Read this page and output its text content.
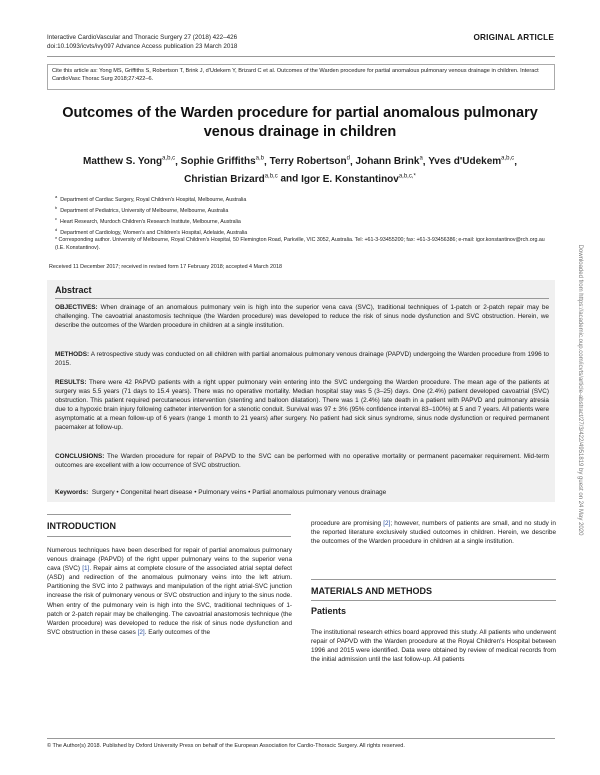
Interactive CardioVascular and Thoracic Surgery 27 (2018) 422–426
doi:10.1093/icvts/ivy097 Advance Access publication 23 March 2018
ORIGINAL ARTICLE
Cite this article as: Yong MS, Griffiths S, Robertson T, Brink J, d'Udekem Y, Brizard C et al. Outcomes of the Warden procedure for partial anomalous pulmonary venous drainage in children. Interact CardioVasc Thorac Surg 2018;27:422–6.
Outcomes of the Warden procedure for partial anomalous pulmonary venous drainage in children
Matthew S. Yong$^{a,b,c}$, Sophie Griffiths$^{a,b}$, Terry Robertson$^d$, Johann Brink$^a$, Yves d'Udekem$^{a,b,c}$,
Christian Brizard$^{a,b,c}$ and Igor E. Konstantinov$^{a,b,c,*}$
$^a$  Department of Cardiac Surgery, Royal Children's Hospital, Melbourne, Australia
$^b$  Department of Pediatrics, University of Melbourne, Melbourne, Australia
$^c$  Heart Research, Murdoch Children's Research Institute, Melbourne, Australia
$^d$  Department of Cardiology, Women's and Children's Hospital, Adelaide, Australia
* Corresponding author. University of Melbourne, Royal Children's Hospital, 50 Flemington Road, Parkville, VIC 3052, Australia. Tel: +61-3-93455200; fax: +61-3-93456386; e-mail: igor.konstantinov@rch.org.au (I.E. Konstantinov).
Received 11 December 2017; received in revised form 17 February 2018; accepted 4 March 2018
Abstract
OBJECTIVES: When drainage of an anomalous pulmonary vein is high into the superior vena cava (SVC), traditional techniques of 1-patch or 2-patch repair may be challenging. The cavoatrial anastomosis technique (the Warden procedure) was developed to reduce the risk of sinus node dysfunction and SVC obstruction. Herein, we describe the outcomes of the Warden procedure in children at a single institution.
METHODS: A retrospective study was conducted on all children with partial anomalous pulmonary venous drainage (PAPVD) undergoing the Warden procedure from 1996 to 2015.
RESULTS: There were 42 PAPVD patients with a right upper pulmonary vein entering into the SVC undergoing the Warden procedure. The mean age of the patients at surgery was 5.5 years (71 days to 15.4 years). There was no operative mortality. Median hospital stay was 5 (3–25) days. One (2.4%) patient developed cavoatrial (SVC) obstruction. This patient required percutaneous intervention (stenting and balloon dilatation). There was 1 (2.4%) late death in a patient with PAPVD and pulmonary atresia due to a hypoxic brain injury following catheter intervention for a stenotic conduit. Survival was 97 ± 3% (95% confidence interval 83–100%) at 5 and 7 years. All patients were asymptomatic at a mean follow-up of 6 years (range 1 month to 21 years) after surgery. No patient had sick sinus syndrome, sinus node dysfunction or required permanent pacemaker at follow-up.
CONCLUSIONS: The Warden procedure for repair of PAPVD to the SVC can be performed with no operative mortality or permanent pacemaker requirement. Mid-term outcomes are excellent with a low occurrence of SVC obstruction.
Keywords: Surgery • Congenital heart disease • Pulmonary veins • Partial anomalous pulmonary venous drainage
INTRODUCTION
Numerous techniques have been described for repair of partial anomalous pulmonary venous drainage (PAPVD) of the right upper pulmonary veins to the superior vena cava (SVC) [1]. Repair aims at complete closure of the associated atrial septal defect (ASD) and redirection of the anomalous pulmonary veins into the left atrium. Partitioning the SVC into 2 pathways and manipulation of the right atrial-SVC junction increase the risk of pulmonary venous or SVC obstruction and injury to the sinus node. When entry of the pulmonary vein is high into the SVC, traditional techniques of 1-patch or 2-patch repair may be challenging. The cavoatrial anastomosis technique (the Warden procedure) was developed to reduce the risk of sinus node dysfunction and SVC obstruction in these cases [2]. Early outcomes of the
procedure are promising [2]; however, numbers of patients are small, and no study in the reported literature exclusively studied outcomes in children. Herein, we describe the outcomes of the Warden procedure in children at a single institution.
MATERIALS AND METHODS
Patients
The institutional research ethics board approved this study. All patients who underwent repair of PAPVD with the Warden procedure at the Royal Children's Hospital between 1996 and 2015 were identified. Data were obtained by review of medical records from the initial admission until the last follow-up. All patients
Downloaded from https://academic.oup.com/icvts/article-abstract/27/3/422/4951819 by guest on 24 May 2020
© The Author(s) 2018. Published by Oxford University Press on behalf of the European Association for Cardio-Thoracic Surgery. All rights reserved.
